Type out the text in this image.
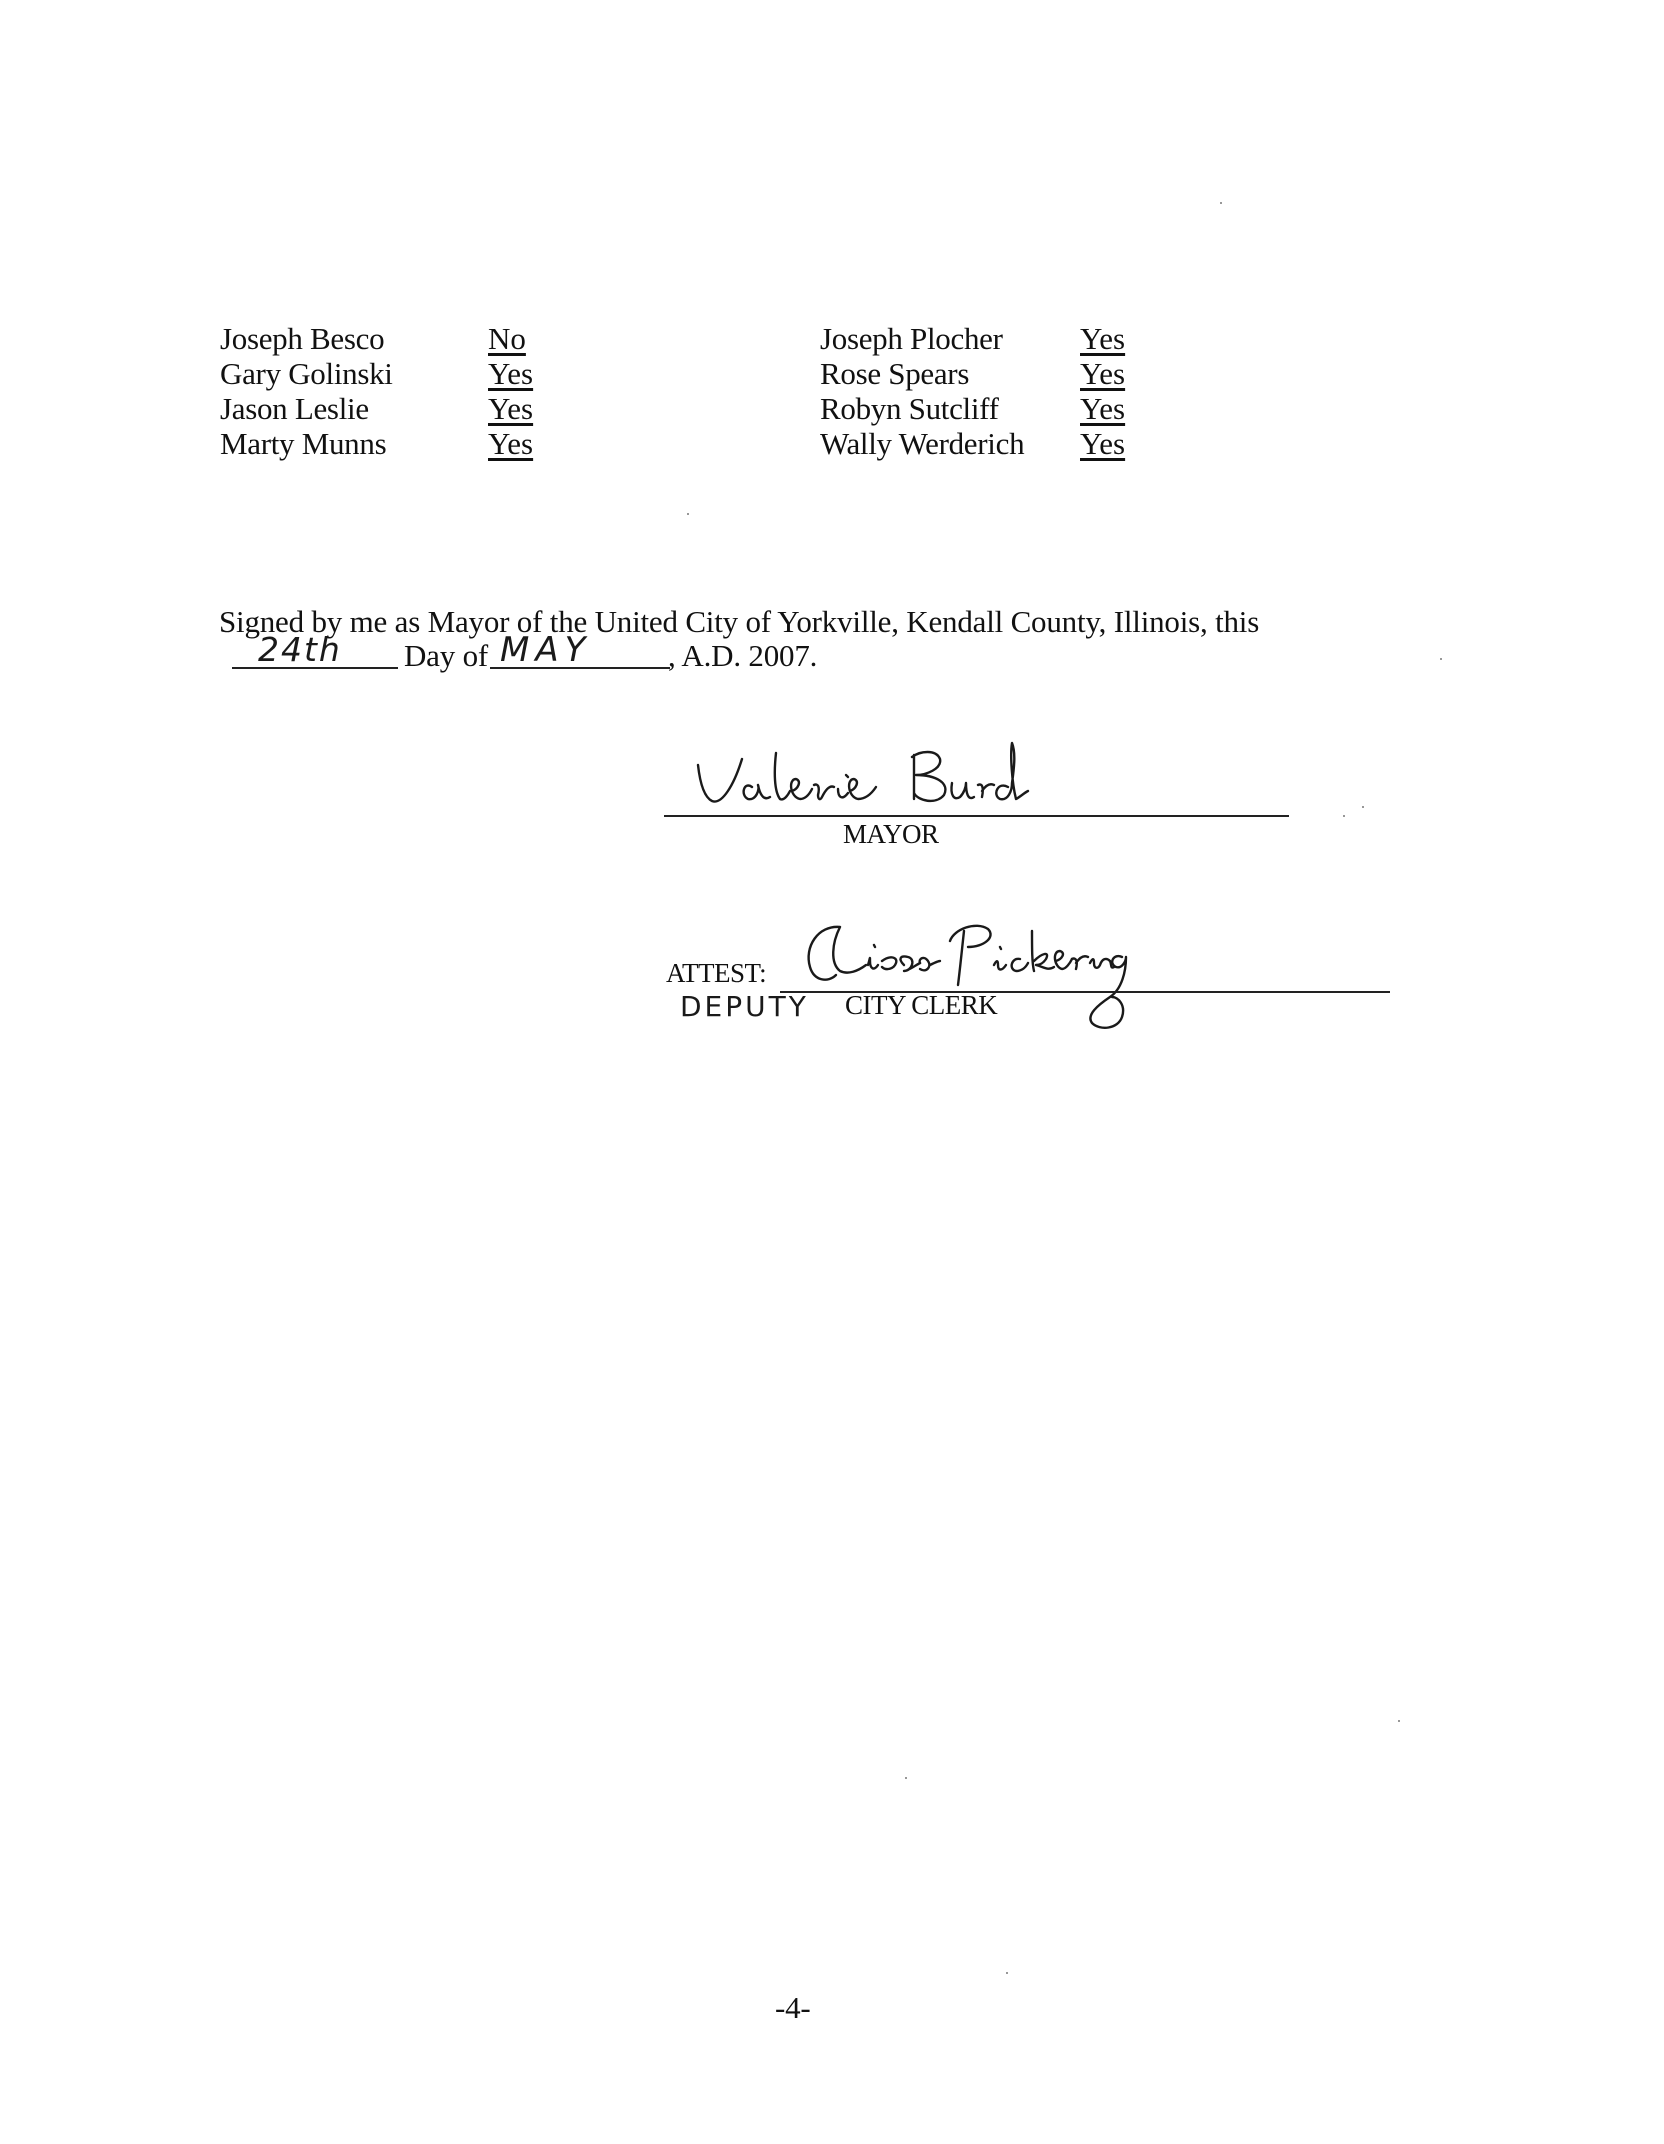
Joseph Besco	No
Gary Golinski	Yes
Jason Leslie	Yes
Marty Munns	Yes
Joseph Plocher Yes
Rose Spears	Yes
Robyn Sutcliff	Yes
Wally Werderich Yes
Signed by me as Mayor of the United City of Yorkville, Kendall County, Illinois, this
24th Day of MAY , A.D. 2007.
MAYOR
ATTEST:
DEPUTY CITY CLERK
-4-
